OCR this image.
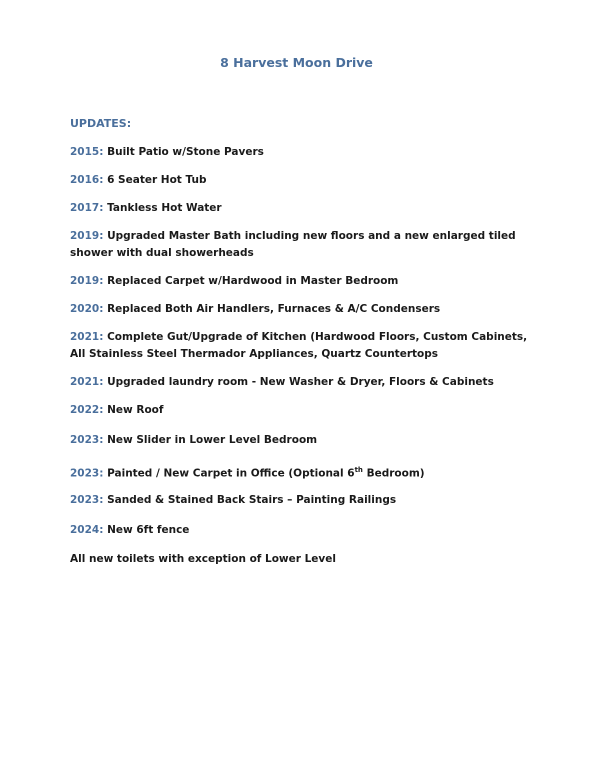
8 Harvest Moon Drive
UPDATES:
2015: Built Patio w/Stone Pavers
2016: 6 Seater Hot Tub
2017: Tankless Hot Water
2019: Upgraded Master Bath including new floors and a new enlarged tiled shower with dual showerheads
2019: Replaced Carpet w/Hardwood in Master Bedroom
2020: Replaced Both Air Handlers, Furnaces & A/C Condensers
2021: Complete Gut/Upgrade of Kitchen (Hardwood Floors, Custom Cabinets, All Stainless Steel Thermador Appliances, Quartz Countertops
2021: Upgraded laundry room - New Washer & Dryer, Floors & Cabinets
2022: New Roof
2023: New Slider in Lower Level Bedroom
2023: Painted / New Carpet in Office (Optional 6th Bedroom)
2023: Sanded & Stained Back Stairs – Painting Railings
2024: New 6ft fence
All new toilets with exception of Lower Level
